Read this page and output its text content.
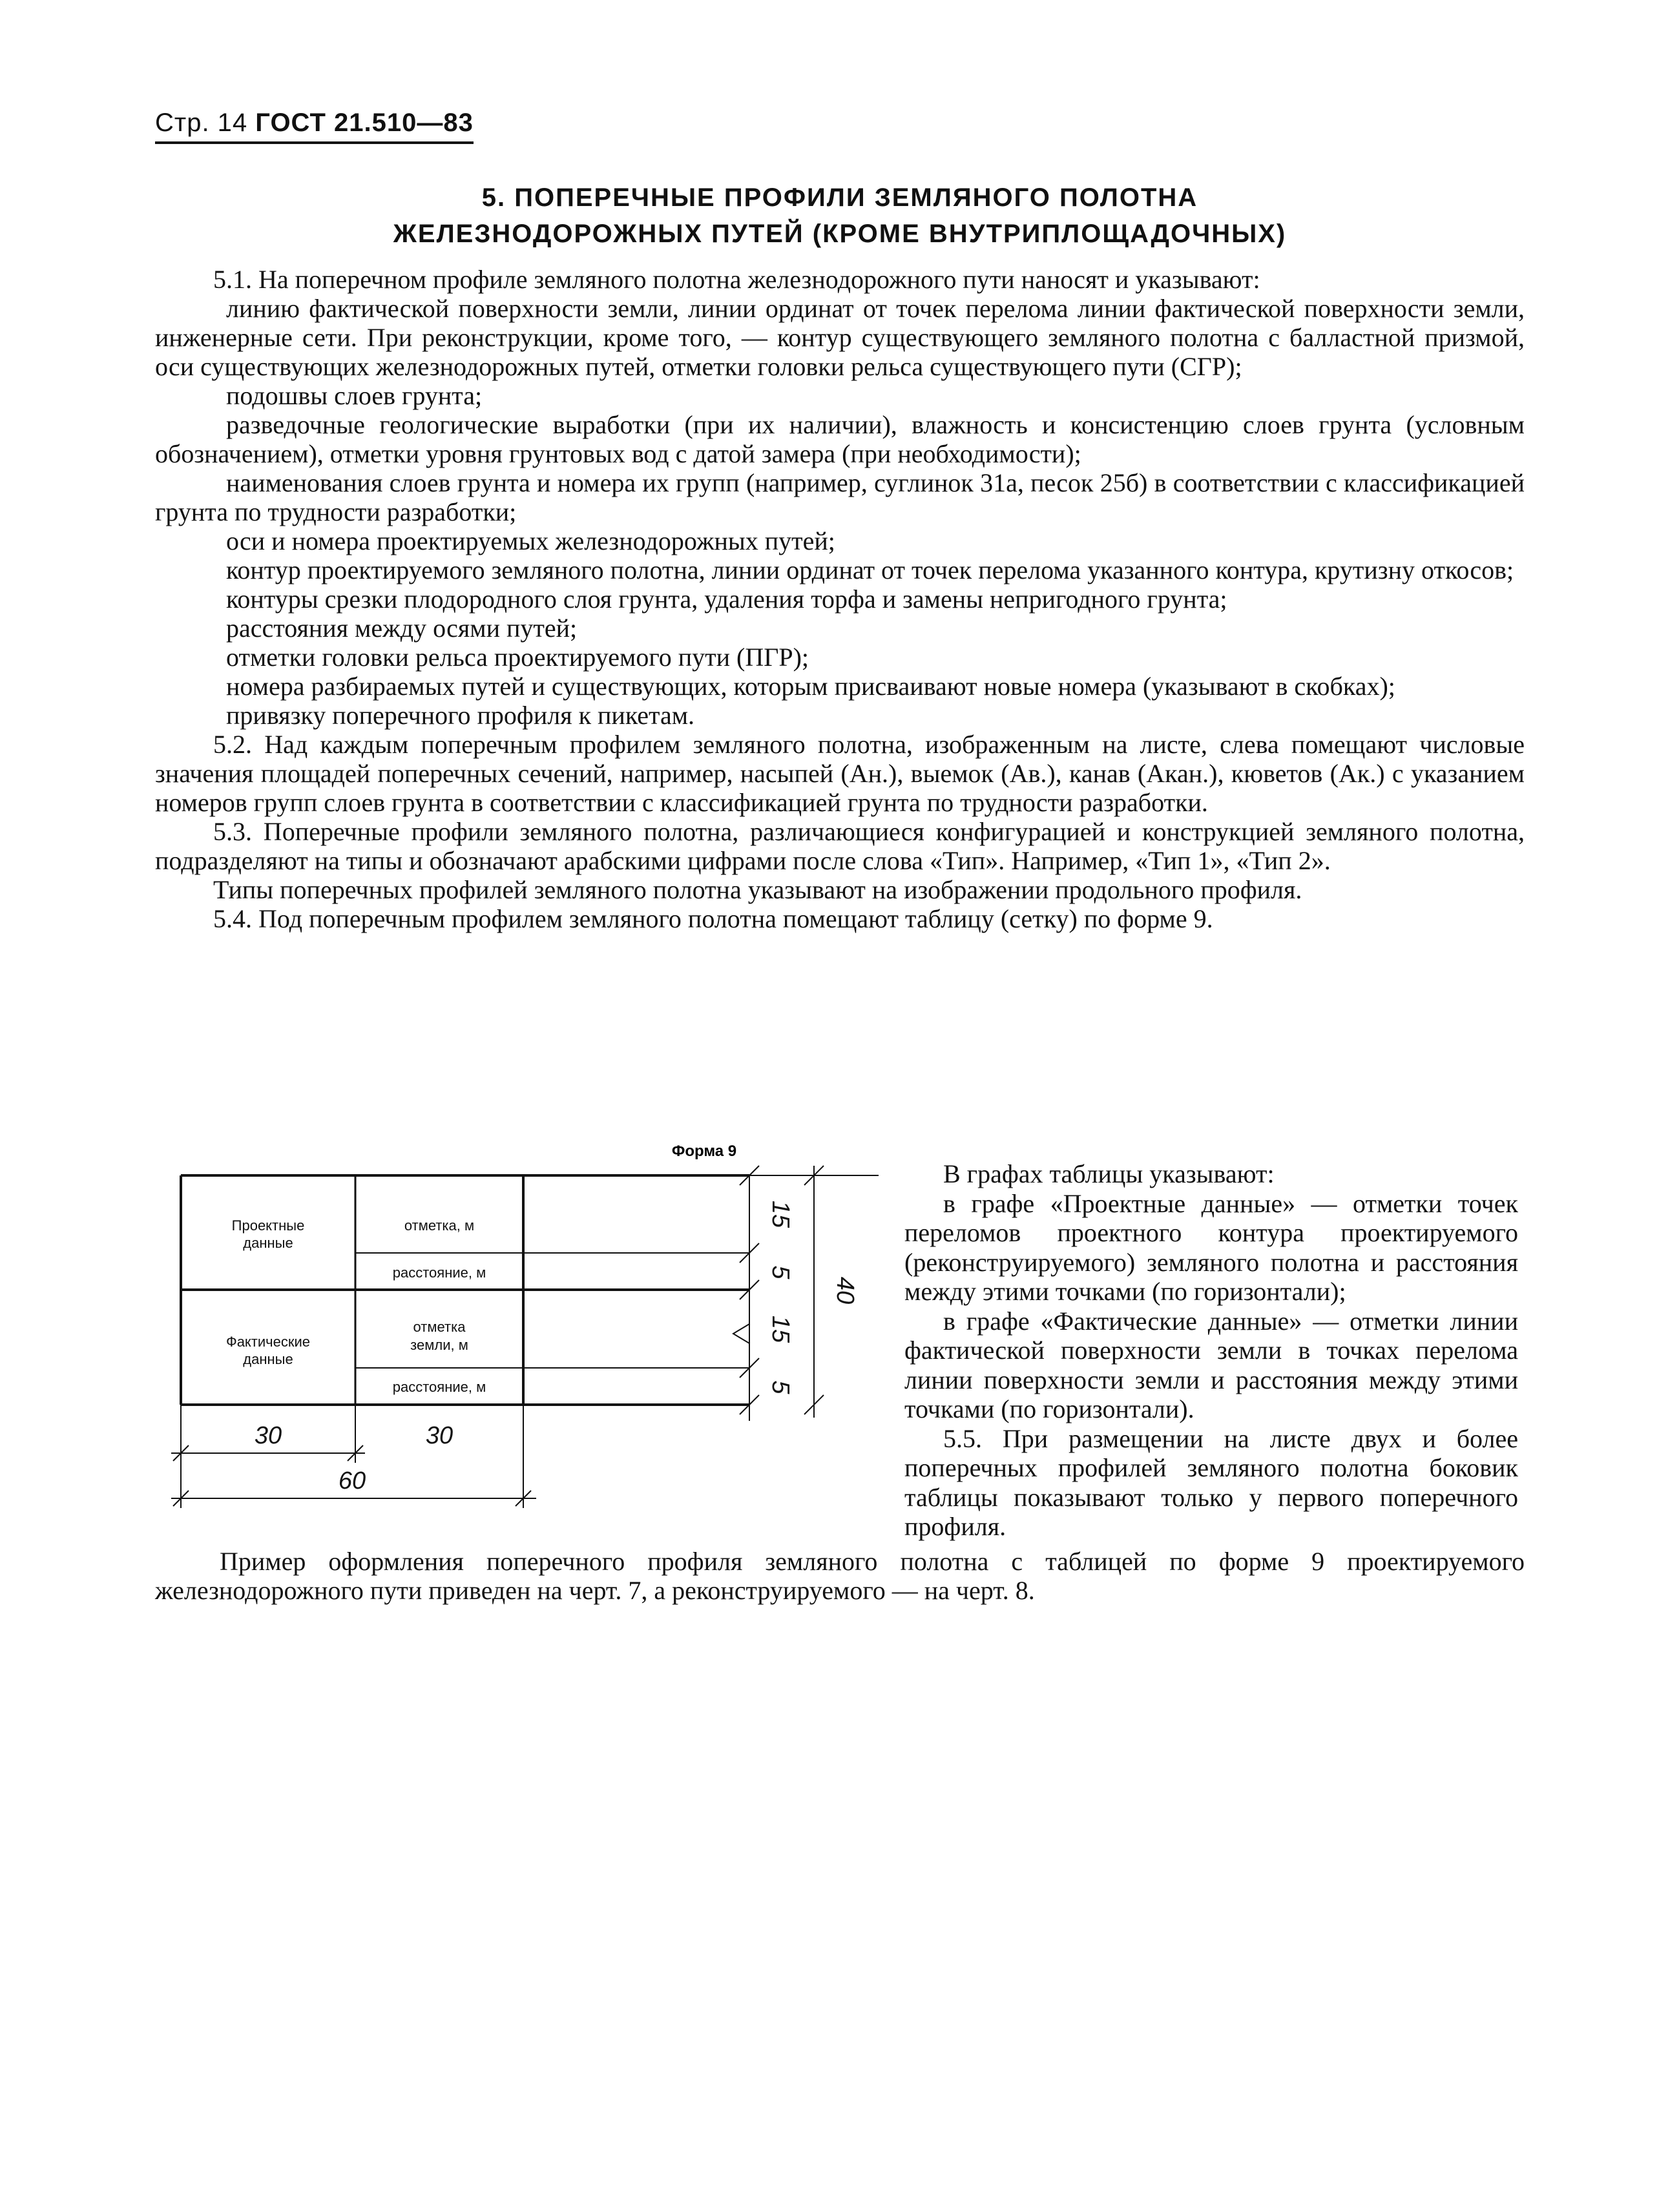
Стр. 14 ГОСТ 21.510—83
5. ПОПЕРЕЧНЫЕ ПРОФИЛИ ЗЕМЛЯНОГО ПОЛОТНА
ЖЕЛЕЗНОДОРОЖНЫХ ПУТЕЙ (КРОМЕ ВНУТРИПЛОЩАДОЧНЫХ)

5.1. На поперечном профиле земляного полотна железнодорожного пути наносят и указывают:

линию фактической поверхности земли, линии ординат от точек перелома линии фактической поверхности земли, инженерные сети. При реконструкции, кроме того, — контур существующего земляного полотна с балластной призмой, оси существующих железнодорожных путей, отметки головки рельса существующего пути (СГР);

подошвы слоев грунта;

разведочные геологические выработки (при их наличии), влажность и консистенцию слоев грунта (условным обозначением), отметки уровня грунтовых вод с датой замера (при необходимости);

наименования слоев грунта и номера их групп (например, суглинок 31а, песок 25б) в соответствии с классификацией грунта по трудности разработки;

оси и номера проектируемых железнодорожных путей;

контур проектируемого земляного полотна, линии ординат от точек перелома указанного контура, крутизну откосов;

контуры срезки плодородного слоя грунта, удаления торфа и замены непригодного грунта;

расстояния между осями путей;

отметки головки рельса проектируемого пути (ПГР);

номера разбираемых путей и существующих, которым присваивают новые номера (указывают в скобках);

привязку поперечного профиля к пикетам.

5.2. Над каждым поперечным профилем земляного полотна, изображенным на листе, слева помещают числовые значения площадей поперечных сечений, например, насыпей (Ан.), выемок (Ав.), канав (Акан.), кюветов (Ак.) с указанием номеров групп слоев грунта в соответствии с классификацией грунта по трудности разработки.

5.3. Поперечные профили земляного полотна, различающиеся конфигурацией и конструкцией земляного полотна, подразделяют на типы и обозначают арабскими цифрами после слова «Тип». Например, «Тип 1», «Тип 2».

Типы поперечных профилей земляного полотна указывают на изображении продольного профиля.

5.4. Под поперечным профилем земляного полотна помещают таблицу (сетку) по форме 9.

Форма 9
Проектные
данные
отметка, м
расстояние, м
Фактические
данные
отметка
земли, м
расстояние, м
15
5
15
5
40
30	30
60

В графах таблицы указывают:

в графе «Проектные данные» — отметки точек переломов проектного контура проектируемого (реконструируемого) земляного полотна и расстояния между этими точками (по горизонтали);

в графе «Фактические данные» — отметки линии фактической поверхности земли в точках перелома линии поверхности земли и расстояния между этими точками (по горизонтали).

5.5. При размещении на листе двух и более поперечных профилей земляного полотна боковик таблицы показывают только у первого поперечного профиля.

Пример оформления поперечного профиля земляного полотна с таблицей по форме 9 проектируемого железнодорожного пути приведен на черт. 7, а реконструируемого — на черт. 8.
